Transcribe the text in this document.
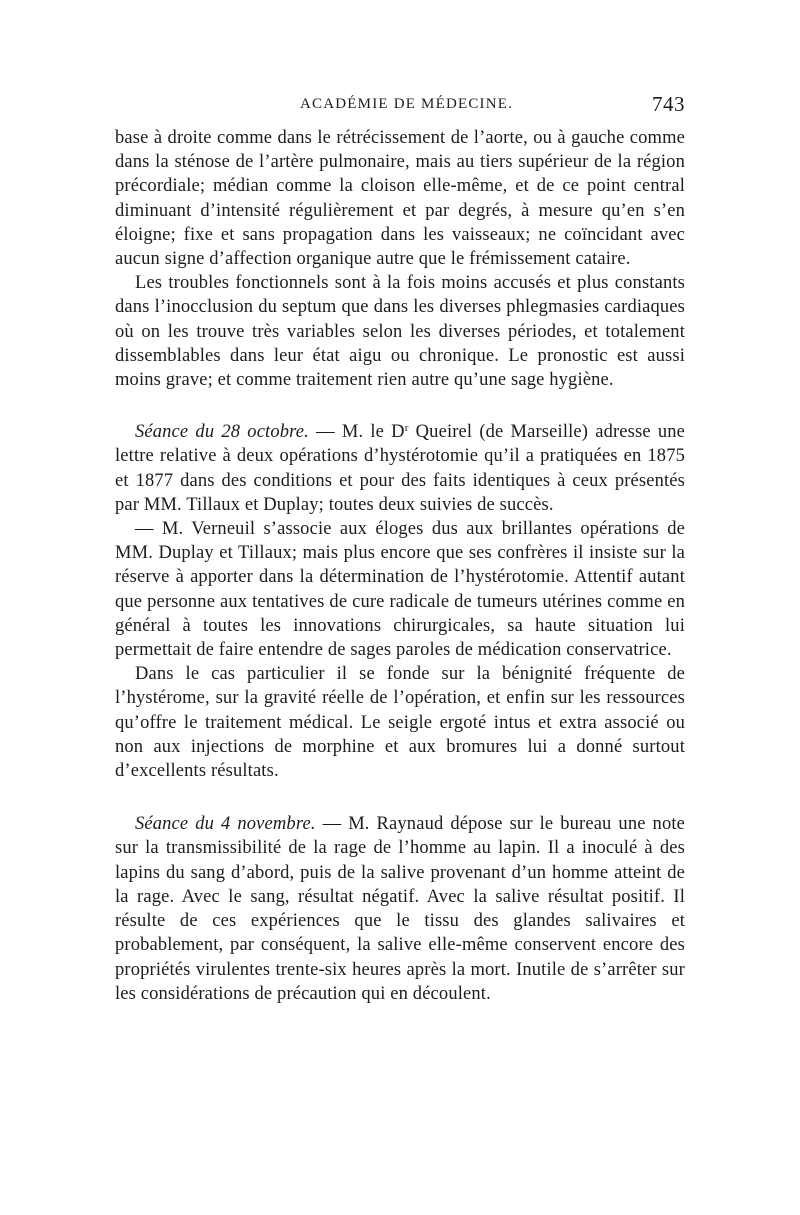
ACADÉMIE DE MÉDECINE.	743

base à droite comme dans le rétrécissement de l’aorte, ou à gauche comme dans la sténose de l’artère pulmonaire, mais au tiers supérieur de la région précordiale; médian comme la cloison elle-même, et de ce point central diminuant d’intensité régulièrement et par degrés, à mesure qu’en s’en éloigne; fixe et sans propagation dans les vaisseaux; ne coïncidant avec aucun signe d’affection organique autre que le frémissement cataire.

Les troubles fonctionnels sont à la fois moins accusés et plus constants dans l’inocclusion du septum que dans les diverses phlegmasies cardiaques où on les trouve très variables selon les diverses périodes, et totalement dissemblables dans leur état aigu ou chronique. Le pronostic est aussi moins grave; et comme traitement rien autre qu’une sage hygiène.

Séance du 28 octobre. — M. le $D^r$ Queirel (de Marseille) adresse une lettre relative à deux opérations d’hystérotomie qu’il a pratiquées en 1875 et 1877 dans des conditions et pour des faits identiques à ceux présentés par MM. Tillaux et Duplay; toutes deux suivies de succès.

— M. Verneuil s’associe aux éloges dus aux brillantes opérations de MM. Duplay et Tillaux; mais plus encore que ses confrères il insiste sur la réserve à apporter dans la détermination de l’hystérotomie. Attentif autant que personne aux tentatives de cure radicale de tumeurs utérines comme en général à toutes les innovations chirurgicales, sa haute situation lui permettait de faire entendre de sages paroles de médication conservatrice.

Dans le cas particulier il se fonde sur la bénignité fréquente de l’hystérome, sur la gravité réelle de l’opération, et enfin sur les ressources qu’offre le traitement médical. Le seigle ergoté intus et extra associé ou non aux injections de morphine et aux bromures lui a donné surtout d’excellents résultats.

Séance du 4 novembre. — M. Raynaud dépose sur le bureau une note sur la transmissibilité de la rage de l’homme au lapin. Il a inoculé à des lapins du sang d’abord, puis de la salive provenant d’un homme atteint de la rage. Avec le sang, résultat négatif. Avec la salive résultat positif. Il résulte de ces expériences que le tissu des glandes salivaires et probablement, par conséquent, la salive elle-même conservent encore des propriétés virulentes trente-six heures après la mort. Inutile de s’arrêter sur les considérations de précaution qui en découlent.
